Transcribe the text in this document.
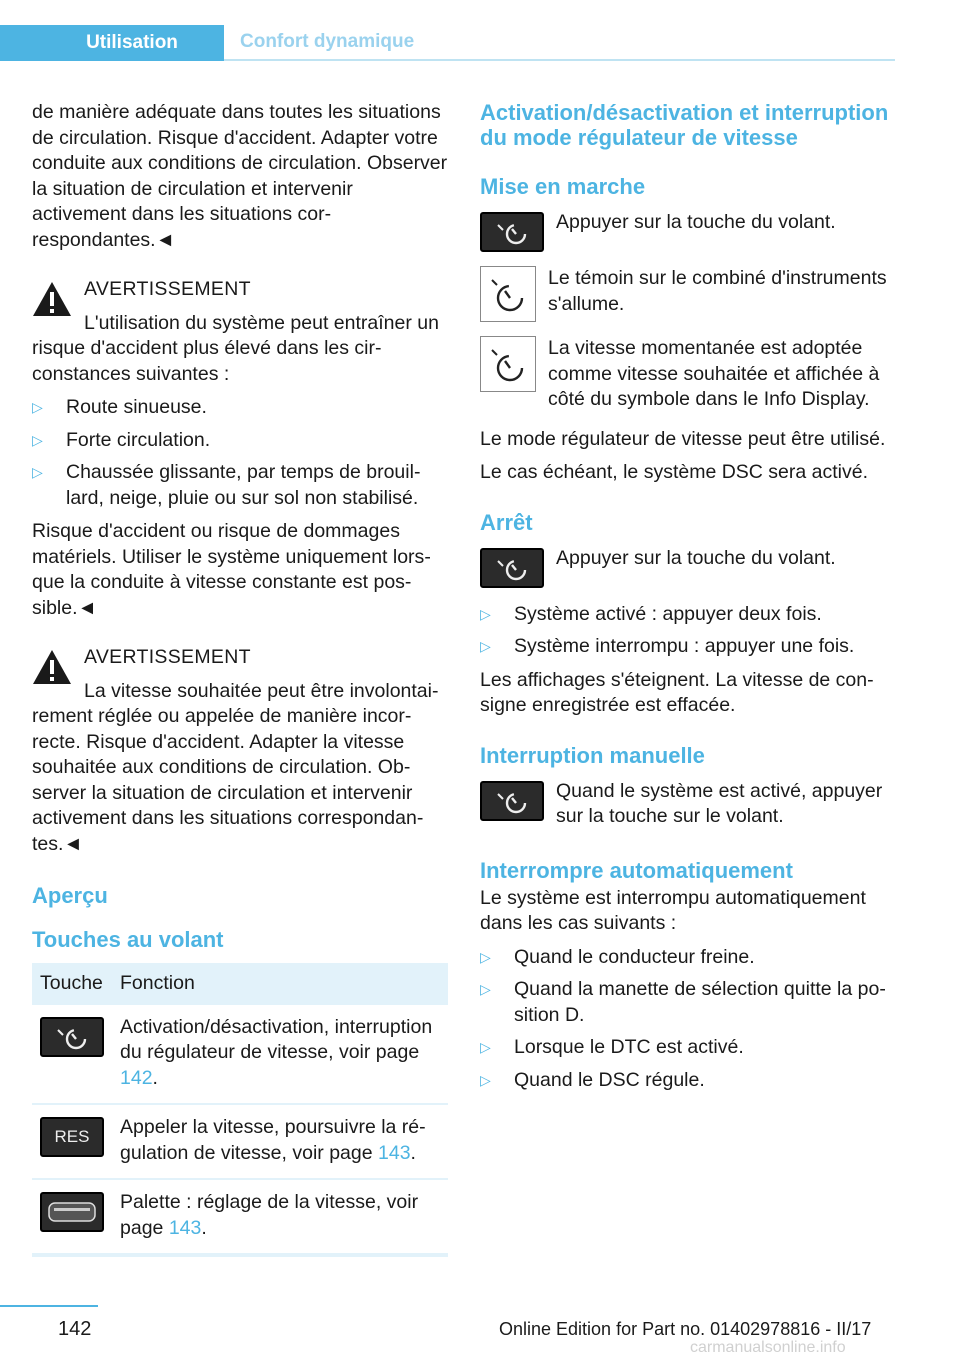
Utilisation	Confort dynamique

de manière adéquate dans toutes les situations de circulation. Risque d'accident. Adapter votre conduite aux conditions de circulation. Observer la situation de circulation et intervenir activement dans les situations correspondantes.◄

AVERTISSEMENT

L'utilisation du système peut entraîner un risque d'accident plus élevé dans les circonstances suivantes :

▷ Route sinueuse.
▷ Forte circulation.
▷ Chaussée glissante, par temps de brouillard, neige, pluie ou sur sol non stabilisé.

Risque d'accident ou risque de dommages matériels. Utiliser le système uniquement lorsque la conduite à vitesse constante est possible.◄

AVERTISSEMENT

La vitesse souhaitée peut être involontairement réglée ou appelée de manière incorrecte. Risque d'accident. Adapter la vitesse souhaitée aux conditions de circulation. Observer la situation de circulation et intervenir activement dans les situations correspondantes.◄

Aperçu
Touches au volant
Touche	Fonction

	Activation/désactivation, interruption du régulateur de vitesse, voir page 142.

RES	Appeler la vitesse, poursuivre la régulation de vitesse, voir page 143.

	Palette : réglage de la vitesse, voir page 143.
Activation/désactivation et interruption du mode régulateur de vitesse
Mise en marche
Appuyer sur la touche du volant.
Le témoin sur le combiné d'instruments s'allume.
La vitesse momentanée est adoptée comme vitesse souhaitée et affichée à côté du symbole dans le Info Display.

Le mode régulateur de vitesse peut être utilisé.

Le cas échéant, le système DSC sera activé.

Arrêt
Appuyer sur la touche du volant.
▷ Système activé : appuyer deux fois.
▷ Système interrompu : appuyer une fois.

Les affichages s'éteignent. La vitesse de consigne enregistrée est effacée.

Interruption manuelle
Quand le système est activé, appuyer sur la touche sur le volant.
Interrompre automatiquement

Le système est interrompu automatiquement dans les cas suivants :

▷ Quand le conducteur freine.
▷ Quand la manette de sélection quitte la position D.
▷ Lorsque le DTC est activé.
▷ Quand le DSC régule.
142	Online Edition for Part no. 01402978816 - II/17
carmanualsonline.info
